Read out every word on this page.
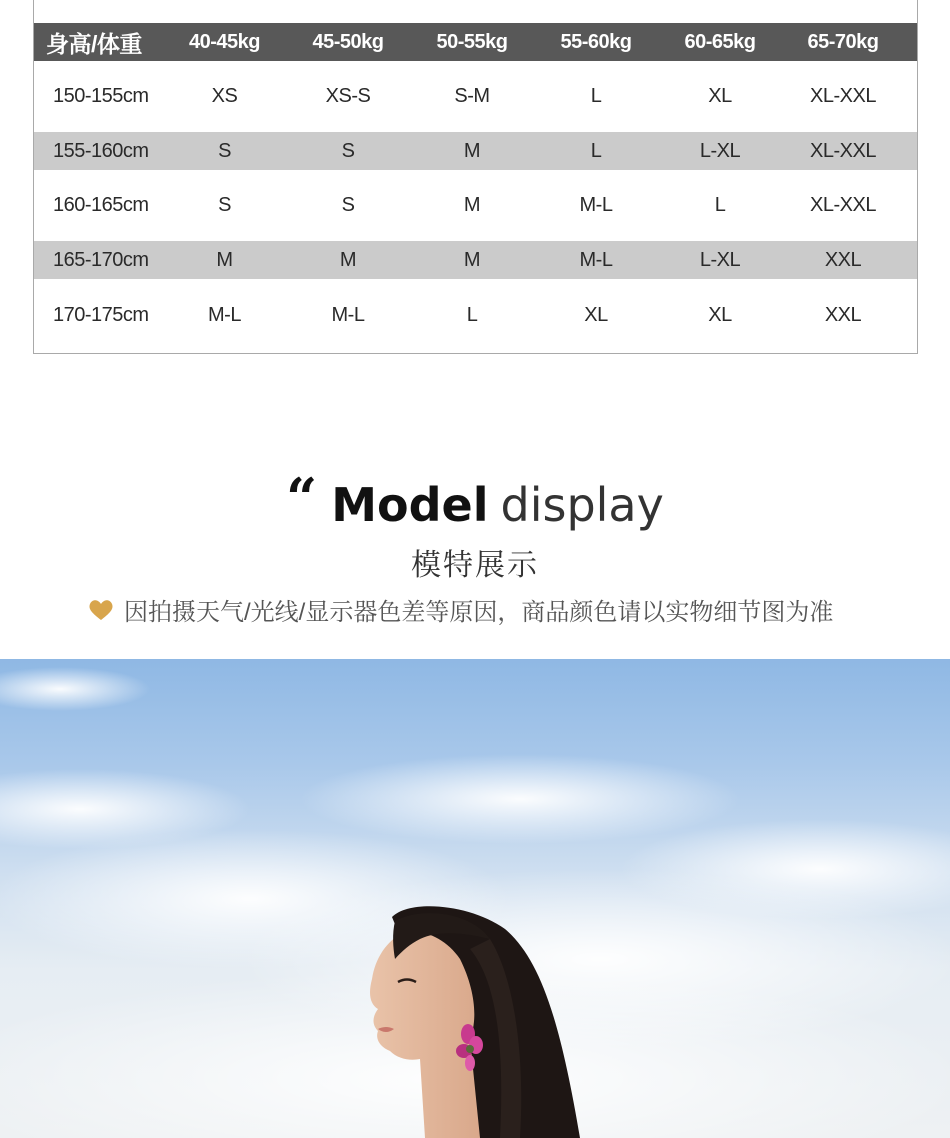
身高/体重	40-45kg	45-50kg	50-55kg	55-60kg	60-65kg	65-70kg
150-155cm	XS	XS-S	S-M	L	XL	XL-XXL
155-160cm	S	S	M	L	L-XL	XL-XXL
160-165cm	S	S	M	M-L	L	XL-XXL
165-170cm	M	M	M	M-L	L-XL	XXL
170-175cm	M-L	M-L	L	XL	XL	XXL
“ Model display
模特展示
因拍摄天气/光线/显示器色差等原因，商品颜色请以实物细节图为准
